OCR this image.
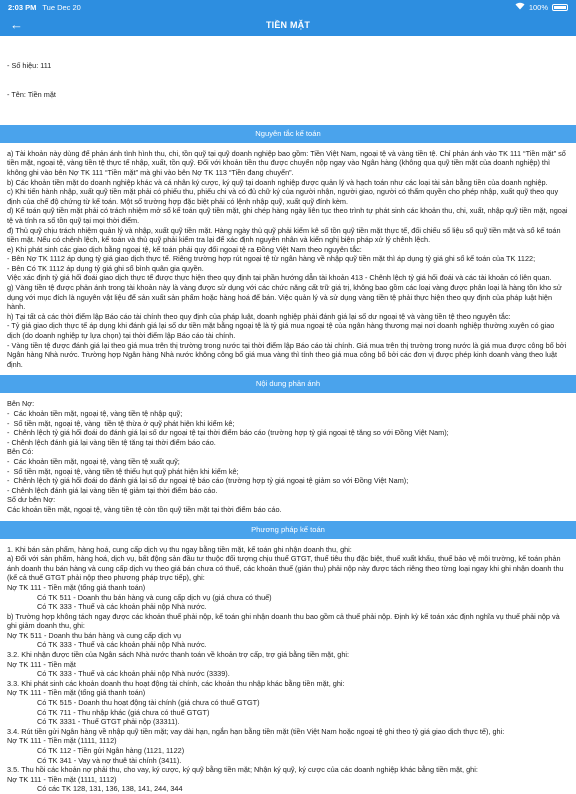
2:03 PM Tue Dec 20	100%
←	TIỀN MẶT

- Số hiệu: 111

- Tên: Tiền mặt

Nguyên tắc kế toán

a) Tài khoản này dùng để phản ánh tình hình thu, chi, tồn quỹ tại quỹ doanh nghiệp bao gồm: Tiền Việt Nam, ngoại tệ và vàng tiền tệ. Chỉ phản ánh vào TK 111 “Tiền mặt” số tiền mặt, ngoại tệ, vàng tiền tệ thực tế nhập, xuất, tồn quỹ. Đối với khoản tiền thu được chuyển nộp ngay vào Ngân hàng (không qua quỹ tiền mặt của doanh nghiệp) thì không ghi vào bên Nợ TK 111 “Tiền mặt” mà ghi vào bên Nợ TK 113 “Tiền đang chuyển”.

b) Các khoản tiền mặt do doanh nghiệp khác và cá nhân ký cược, ký quỹ tại doanh nghiệp được quản lý và hạch toán như các loại tài sản bằng tiền của doanh nghiệp.

c) Khi tiến hành nhập, xuất quỹ tiền mặt phải có phiếu thu, phiếu chi và có đủ chữ ký của người nhận, người giao, người có thẩm quyền cho phép nhập, xuất quỹ theo quy định của chế độ chứng từ kế toán. Một số trường hợp đặc biệt phải có lệnh nhập quỹ, xuất quỹ đính kèm.

d) Kế toán quỹ tiền mặt phải có trách nhiệm mở sổ kế toán quỹ tiền mặt, ghi chép hàng ngày liên tục theo trình tự phát sinh các khoản thu, chi, xuất, nhập quỹ tiền mặt, ngoại tệ và tính ra số tồn quỹ tại mọi thời điểm.

đ) Thủ quỹ chịu trách nhiệm quản lý và nhập, xuất quỹ tiền mặt. Hàng ngày thủ quỹ phải kiểm kê số tồn quỹ tiền mặt thực tế, đối chiếu số liệu sổ quỹ tiền mặt và sổ kế toán tiền mặt. Nếu có chênh lệch, kế toán và thủ quỹ phải kiểm tra lại để xác định nguyên nhân và kiến nghị biện pháp xử lý chênh lệch.

e) Khi phát sinh các giao dịch bằng ngoại tệ, kế toán phải quy đổi ngoại tệ ra Đồng Việt Nam theo nguyên tắc:

- Bên Nợ TK 1112 áp dụng tỷ giá giao dịch thực tế. Riêng trường hợp rút ngoại tệ từ ngân hàng về nhập quỹ tiền mặt thì áp dụng tỷ giá ghi sổ kế toán của TK 1122;

- Bên Có TK 1112 áp dụng tỷ giá ghi sổ bình quân gia quyền.

Việc xác định tỷ giá hối đoái giao dịch thực tế được thực hiện theo quy định tại phần hướng dẫn tài khoản 413 - Chênh lệch tỷ giá hối đoái và các tài khoản có liên quan.

g) Vàng tiền tệ được phản ánh trong tài khoản này là vàng được sử dụng với các chức năng cất trữ giá trị, không bao gồm các loại vàng được phân loại là hàng tồn kho sử dụng với mục đích là nguyên vật liệu để sản xuất sản phẩm hoặc hàng hoá để bán. Việc quản lý và sử dụng vàng tiền tệ phải thực hiện theo quy định của pháp luật hiện hành.

h) Tại tất cả các thời điểm lập Báo cáo tài chính theo quy định của pháp luật, doanh nghiệp phải đánh giá lại số dư ngoại tệ và vàng tiền tệ theo nguyên tắc:

- Tỷ giá giao dịch thực tế áp dụng khi đánh giá lại số dư tiền mặt bằng ngoại tệ là tỷ giá mua ngoại tệ của ngân hàng thương mại nơi doanh nghiệp thường xuyên có giao dịch (do doanh nghiệp tự lựa chọn) tại thời điểm lập Báo cáo tài chính.

- Vàng tiền tệ được đánh giá lại theo giá mua trên thị trường trong nước tại thời điểm lập Báo cáo tài chính. Giá mua trên thị trường trong nước là giá mua được công bố bởi Ngân hàng Nhà nước. Trường hợp Ngân hàng Nhà nước không công bố giá mua vàng thì tính theo giá mua công bố bởi các đơn vị được phép kinh doanh vàng theo luật định.

Nội dung phản ánh

Bên Nợ:

-  Các khoản tiền mặt, ngoại tệ, vàng tiền tệ nhập quỹ;

-  Số tiền mặt, ngoại tệ, vàng  tiền tệ thừa ở quỹ phát hiện khi kiểm kê;

-  Chênh lệch tỷ giá hối đoái do đánh giá lại số dư ngoại tệ tại thời điểm báo cáo (trường hợp tỷ giá ngoại tệ tăng so với Đồng Việt Nam);

- Chênh lệch đánh giá lại vàng tiền tệ tăng tại thời điểm báo cáo.

Bên Có:

-  Các khoản tiền mặt, ngoại tệ, vàng tiền tệ xuất quỹ;

-  Số tiền mặt, ngoại tệ, vàng tiền tệ thiếu hụt quỹ phát hiện khi kiểm kê;

-  Chênh lệch tỷ giá hối đoái do đánh giá lại số dư ngoại tệ báo cáo (trường hợp tỷ giá ngoại tệ giảm so với Đồng Việt Nam);

- Chênh lệch đánh giá lại vàng tiền tệ giảm tại thời điểm báo cáo.

Số dư bên Nợ:

Các khoản tiền mặt, ngoại tệ, vàng tiền tệ còn tồn quỹ tiền mặt tại thời điểm báo cáo.

Phương pháp kế toán

1. Khi bán sản phẩm, hàng hoá, cung cấp dịch vụ thu ngay bằng tiền mặt, kế toán ghi nhận doanh thu, ghi:

a) Đối với sản phẩm, hàng hoá, dịch vụ, bất động sản đầu tư thuộc đối tượng chịu thuế GTGT, thuế tiêu thụ đặc biệt, thuế xuất khẩu, thuế bảo vệ môi trường, kế toán phản ánh doanh thu bán hàng và cung cấp dịch vụ theo giá bán chưa có thuế, các khoản thuế (gián thu) phải nộp này được tách riêng theo từng loại ngay khi ghi nhận doanh thu (kể cả thuế GTGT phải nộp theo phương pháp trực tiếp), ghi:

Nợ TK 111 - Tiền mặt (tổng giá thanh toán)

Có TK 511 - Doanh thu bán hàng và cung cấp dịch vụ (giá chưa có thuế)

Có TK 333 - Thuế và các khoản phải nộp Nhà nước.

b) Trường hợp không tách ngay được các khoản thuế phải nộp, kế toán ghi nhận doanh thu bao gồm cả thuế phải nộp. Định kỳ kế toán xác định nghĩa vụ thuế phải nộp và ghi giảm doanh thu, ghi:

Nợ TK 511 - Doanh thu bán hàng và cung cấp dịch vụ

Có TK 333 - Thuế và các khoản phải nộp Nhà nước.

3.2. Khi nhận được tiền của Ngân sách Nhà nước thanh toán về khoản trợ cấp, trợ giá bằng tiền mặt, ghi:

Nợ TK 111 - Tiền mặt

Có TK 333 - Thuế và các khoản phải nộp Nhà nước (3339).

3.3. Khi phát sinh các khoản doanh thu hoạt động tài chính, các khoản thu nhập khác bằng tiền mặt, ghi:

Nợ TK 111 - Tiền mặt (tổng giá thanh toán)

Có TK 515 - Doanh thu hoạt động tài chính (giá chưa có thuế GTGT)

Có TK 711 - Thu nhập khác (giá chưa có thuế GTGT)

Có TK 3331 - Thuế GTGT phải nộp (33311).

3.4. Rút tiền gửi Ngân hàng về nhập quỹ tiền mặt; vay dài hạn, ngắn hạn bằng tiền mặt (tiền Việt Nam hoặc ngoại tệ ghi theo tỷ giá giao dịch thực tế), ghi:

Nợ TK 111 - Tiền mặt (1111, 1112)

Có TK 112 - Tiền gửi Ngân hàng (1121, 1122)

Có TK 341 - Vay và nợ thuê tài chính (3411).

3.5. Thu hồi các khoản nợ phải thu, cho vay, ký cược, ký quỹ bằng tiền mặt; Nhận ký quỹ, ký cược của các doanh nghiệp khác bằng tiền mặt, ghi:

Nợ TK 111 - Tiền mặt (1111, 1112)

Có các TK 128, 131, 136, 138, 141, 244, 344
